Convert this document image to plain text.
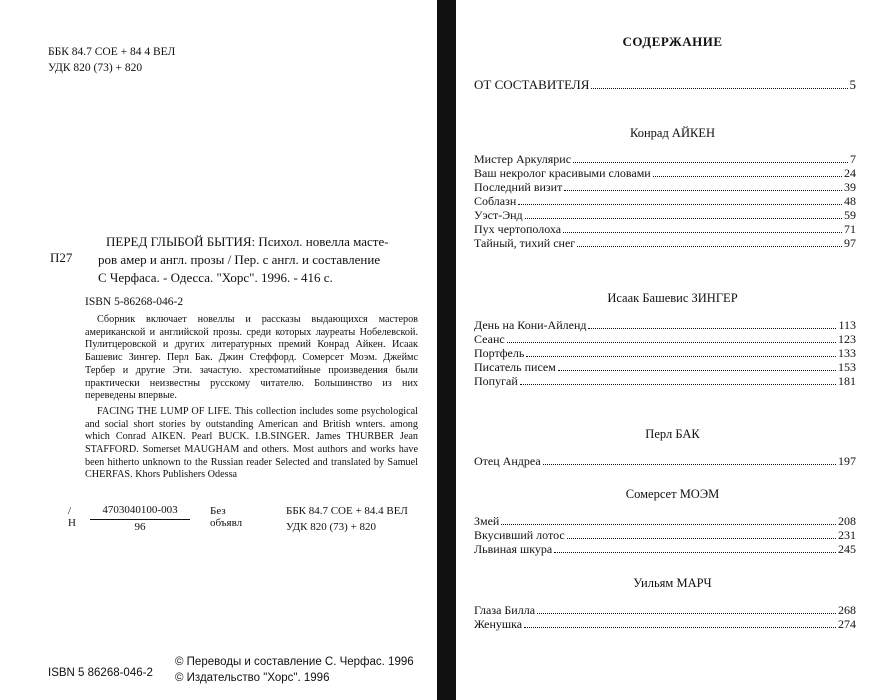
ББК 84.7 СОЕ + 84 4 ВЕЛ
УДК 820 (73) + 820
П27
ПЕРЕД ГЛЫБОЙ БЫТИЯ: Психол. новелла масте-
ров амер и англ. прозы / Пер. с англ. и составление
С Черфаса. - Одесса. "Хорс". 1996. - 416 с.
ISBN 5-86268-046-2

Сборник включает новеллы и рассказы выдающихся мастеров американской и английской прозы. среди которых лауреаты Нобелевской. Пулитцеровской и других литературных премий Конрад Айкен. Исаак Башевис Зингер. Перл Бак. Джин Стеффорд. Сомерсет Моэм. Джеймс Тербер и другие Эти. зачастую. хрестоматийные произведения были практически неизвестны русскому читателю. Большинство из них переведены впервые.

FACING THE LUMP OF LIFE. This collection includes some psychological and social short stories by outstanding American and British wnters. among which Conrad AIKEN. Pearl BUCK. I.B.SINGER. James THURBER Jean STAFFORD. Somerset MAUGHAM and others. Most authors and works have been hitherto unknown to the Russian reader Selected and translated by Samuel CHERFAS. Khors Publishers Odessa

/ Н $\frac{4703040100-003}{96}$ Без объявл
ББК 84.7 СОЕ + 84.4 ВЕЛ
УДК 820 (73) + 820
© Переводы и составление С. Черфас. 1996
© Издательство "Хорс". 1996
ISBN 5 86268-046-2
СОДЕРЖАНИЕ
ОТ СОСТАВИТЕЛЯ	5
Конрад АЙКЕН
Мистер Аркулярис	7
Ваш некролог красивыми словами	24
Последний визит	39
Соблазн	48
Уэст-Энд	59
Пух чертополоха	71
Тайный, тихий снег	97
Исаак Башевис ЗИНГЕР
День на Кони-Айленд	113
Сеанс	123
Портфель	133
Писатель писем	153
Попугай	181
Перл БАК
Отец Андреа	197
Сомерсет МОЭМ
Змей	208
Вкусивший лотос	231
Львиная шкура	245
Уильям МАРЧ
Глаза Билла	268
Женушка	274
